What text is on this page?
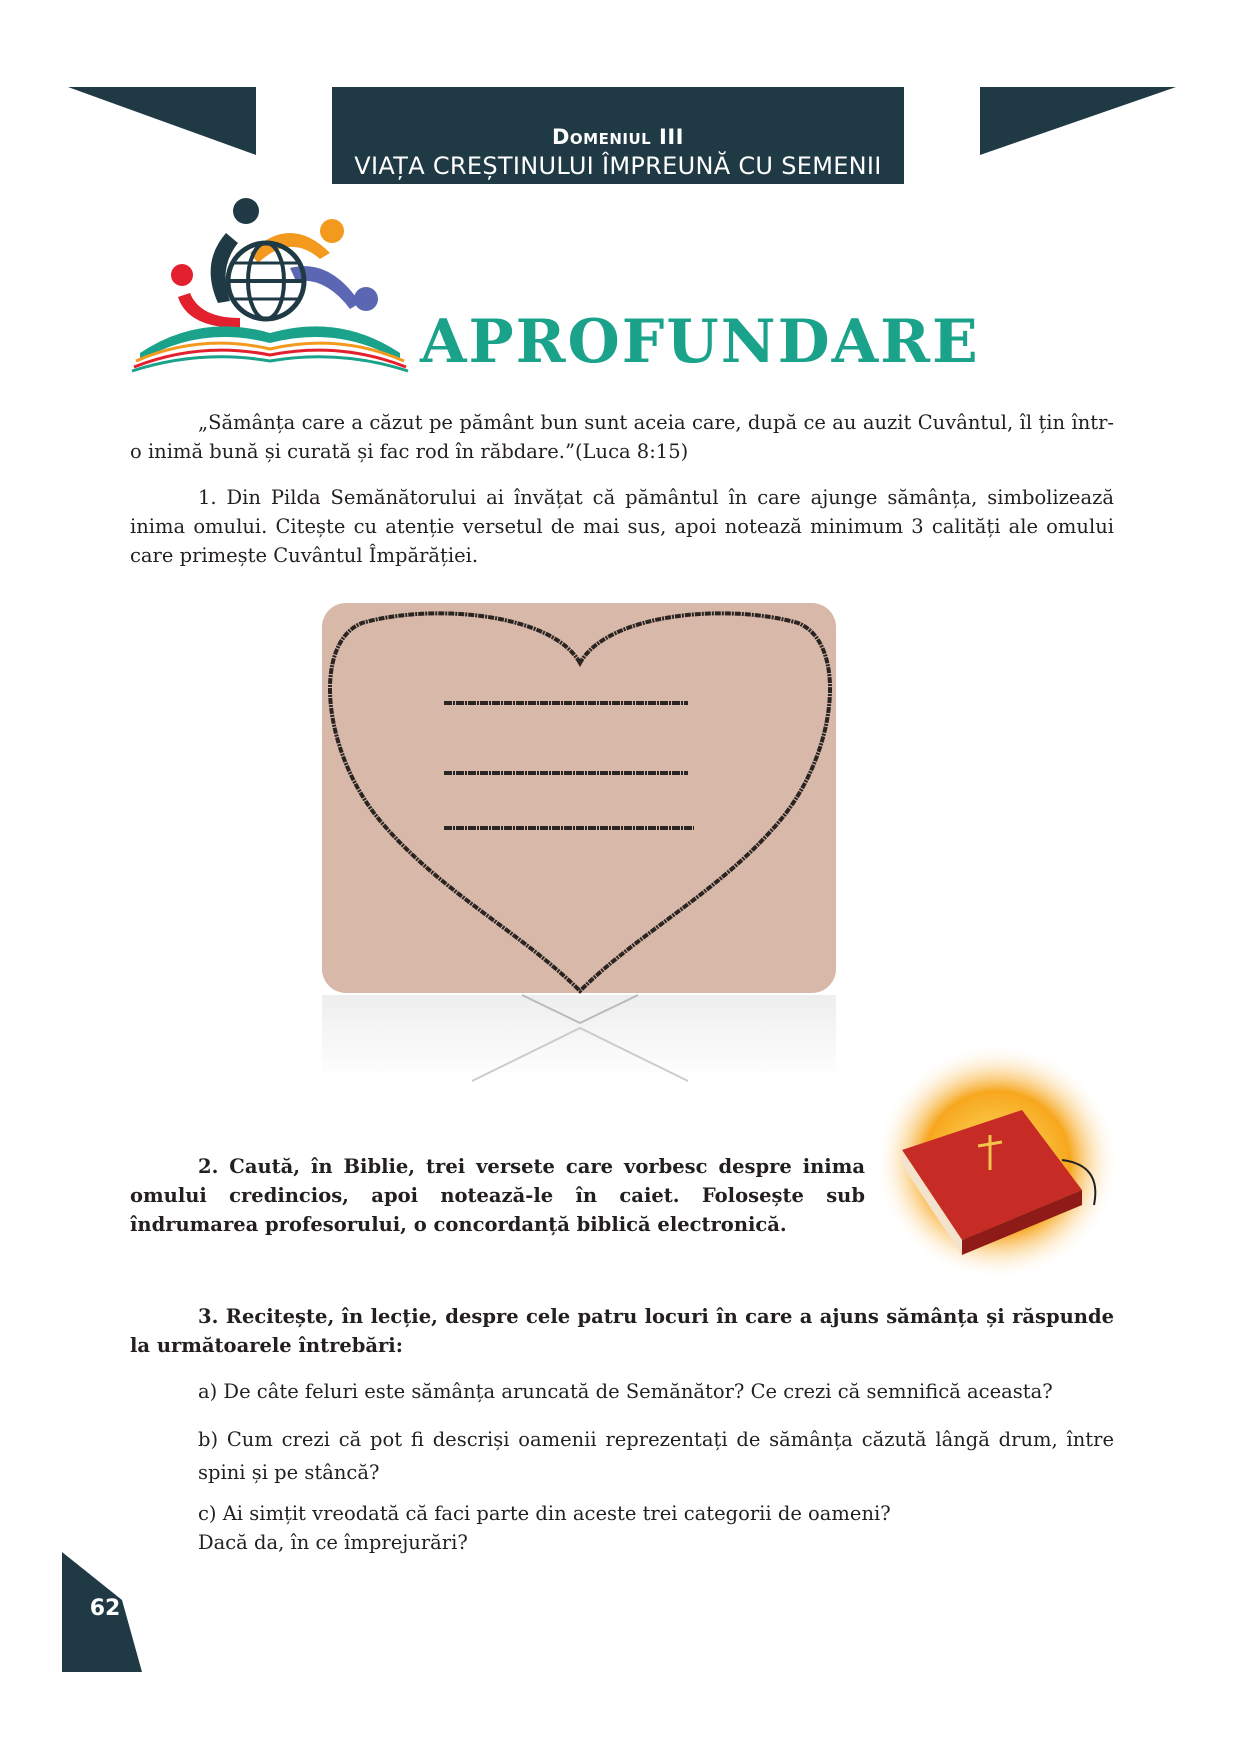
Domeniul III
VIAȚA CREȘTINULUI ÎMPREUNĂ CU SEMENII
APROFUNDARE

„Sămânța care a căzut pe pământ bun sunt aceia care, după ce au auzit Cuvântul, îl țin într-o inimă bună și curată și fac rod în răbdare.”(Luca 8:15)

1. Din Pilda Semănătorului ai învățat că pământul în care ajunge sămânța, simbolizează inima omului. Citește cu atenție versetul de mai sus, apoi notează minimum 3 calități ale omului care primește Cuvântul Împărăției.

2. Caută, în Biblie, trei versete care vorbesc despre inima omului credincios, apoi notează-le în caiet. Folosește sub îndrumarea profesorului, o concordanță biblică electronică.

3. Recitește, în lecție, despre cele patru locuri în care a ajuns sămânța și răspunde la următoarele întrebări:

a) De câte feluri este sămânța aruncată de Semănător? Ce crezi că semnifică aceasta?

b) Cum crezi că pot fi descriși oamenii reprezentați de sămânța căzută lângă drum, între spini și pe stâncă?

c) Ai simțit vreodată că faci parte din aceste trei categorii de oameni?

Dacă da, în ce împrejurări?

62
